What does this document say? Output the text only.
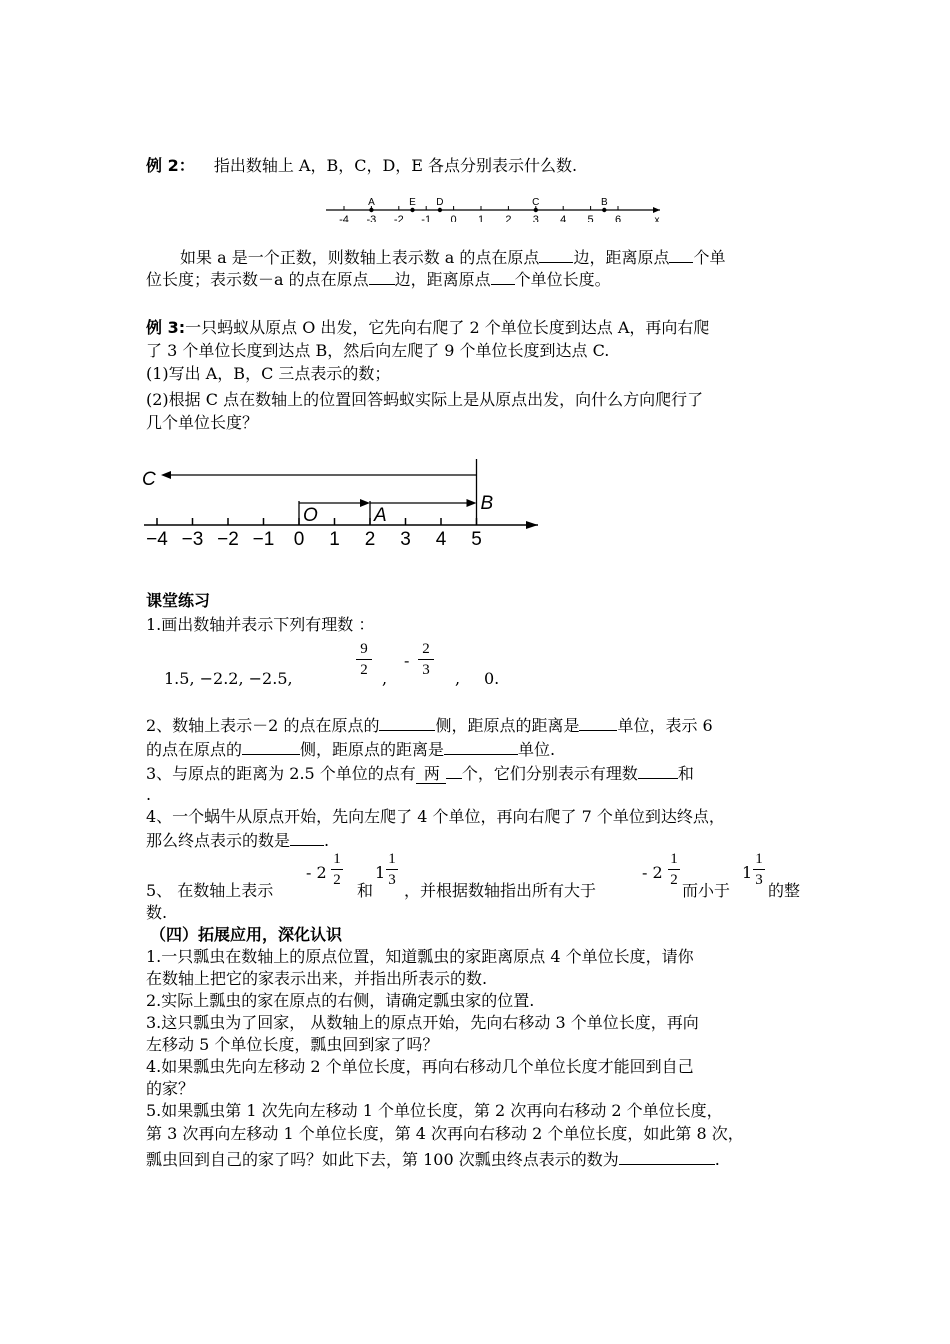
例 2： 指出数轴上 A，B，C，D，E 各点分别表示什么数.
-4 -3 -2 -1 0 1 2 3 4 5 6	x
A	E D	C	B
如果 a 是一个正数，则数轴上表示数 a 的点在原点 边，距离原点 个单
位长度；表示数－a 的点在原点 边，距离原点 个单位长度。
例 3:一只蚂蚁从原点 O 出发，它先向右爬了 2 个单位长度到达点 A，再向右爬
了 3 个单位长度到达点 B，然后向左爬了 9 个单位长度到达点 C.
(1)写出 A，B，C 三点表示的数；
(2)根据 C 点在数轴上的位置回答蚂蚁实际上是从原点出发，向什么方向爬行了
几个单位长度？
−4 −3 −2 −1 0 1 2 3 4 5
C
O	A
B
课堂练习
1.画出数轴并表示下列有理数 ：
1.5, −2.2, −2.5,
9
2 ,
-
2
3 , 0.
2、数轴上表示－2 的点在原点的	侧，距原点的距离是 单位，表示 6
的点在原点的	侧，距原点的距离是	单位.
3、与原点的距离为 2.5 个单位的点有 两 个，它们分别表示有理数	和
.
4、一个蜗牛从原点开始，先向左爬了 4 个单位，再向右爬了 7 个单位到达终点，
那么终点表示的数是 .
5、 在数轴上表示
- 2
1
2
和
1
1
3
，并根据数轴指出所有大于
- 2
1
2
而小于
1
1
3
的整
数.
（四）拓展应用，深化认识
1.一只瓢虫在数轴上的原点位置，知道瓢虫的家距离原点 4 个单位长度，请你
在数轴上把它的家表示出来，并指出所表示的数.
2.实际上瓢虫的家在原点的右侧，请确定瓢虫家的位置.
3.这只瓢虫为了回家， 从数轴上的原点开始，先向右移动 3 个单位长度，再向
左移动 5 个单位长度，瓢虫回到家了吗？
4.如果瓢虫先向左移动 2 个单位长度，再向右移动几个单位长度才能回到自己
的家？
5.如果瓢虫第 1 次先向左移动 1 个单位长度，第 2 次再向右移动 2 个单位长度，
第 3 次再向左移动 1 个单位长度，第 4 次再向右移动 2 个单位长度，如此第 8 次，
瓢虫回到自己的家了吗？如此下去，第 100 次瓢虫终点表示的数为	.
